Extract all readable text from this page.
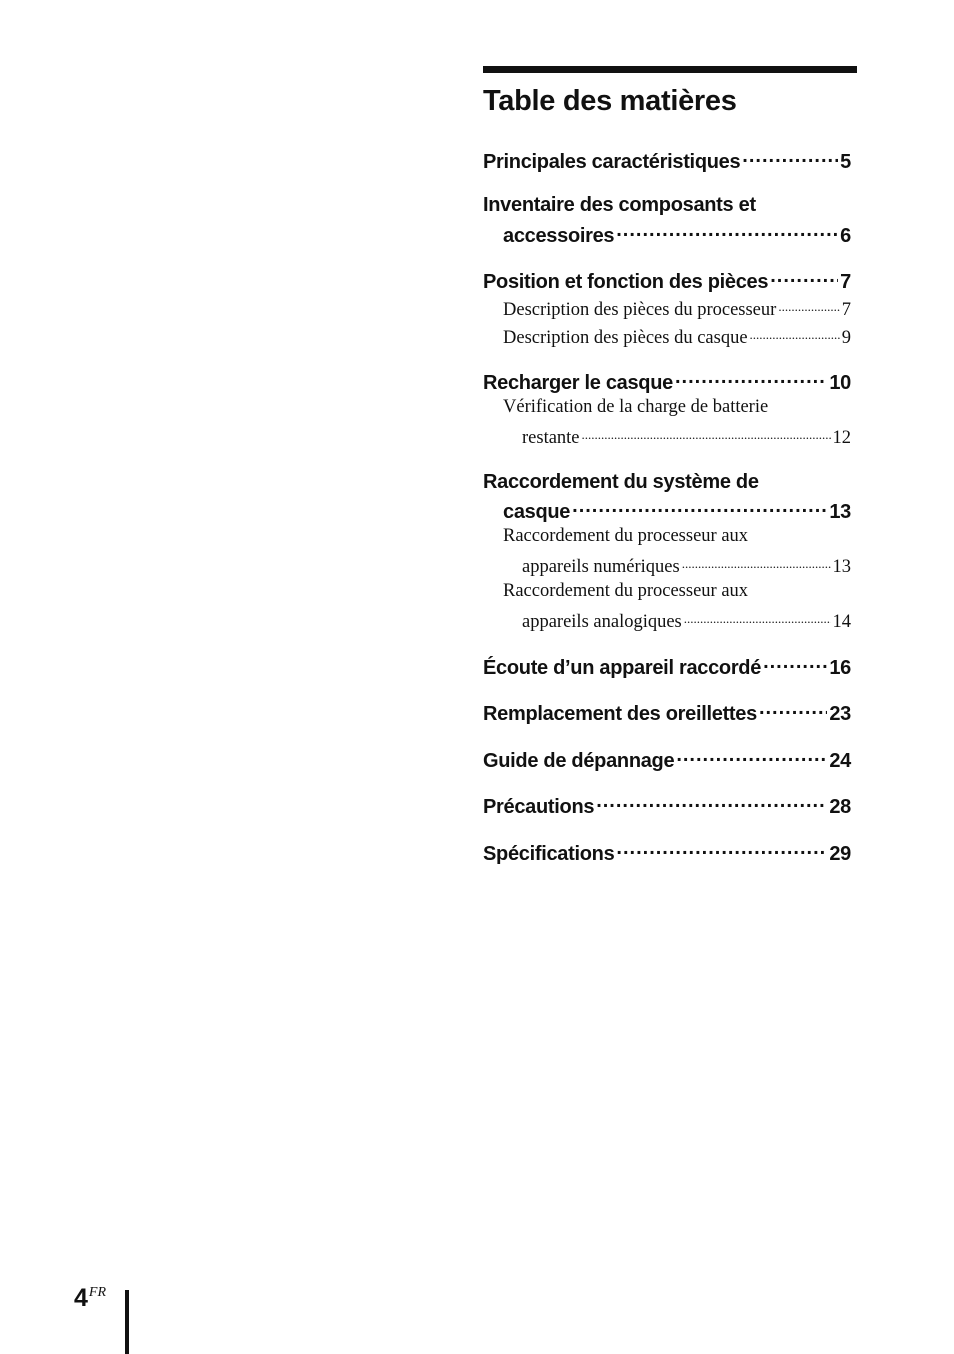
Table des matières
Principales caractéristiques .....	5
Inventaire des composants et
accessoires .....	6
Position et fonction des pièces .....	7
Description des pièces du processeur .....	7
Description des pièces du casque .....	9
Recharger le casque .....	10
Vérification de la charge de batterie
restante .....	12
Raccordement du système de
casque .....	13
Raccordement du processeur aux
appareils numériques .....	13
Raccordement du processeur aux
appareils analogiques .....	14
Écoute d’un appareil raccordé .....	16
Remplacement des oreillettes .....	23
Guide de dépannage .....	24
Précautions .....	28
Spécifications .....	29
4$^{FR}$
